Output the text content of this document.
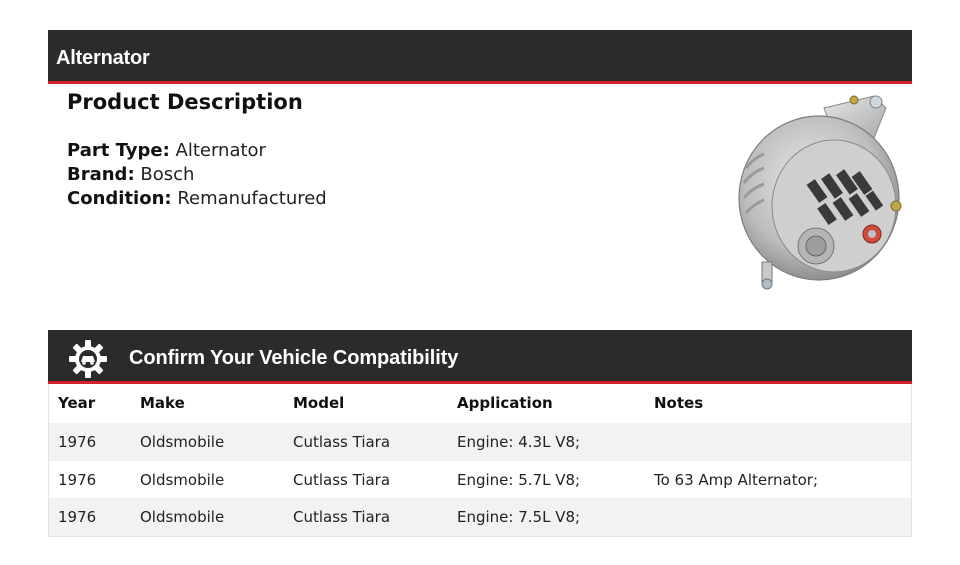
Alternator
Product Description
Part Type: Alternator
Brand: Bosch
Condition: Remanufactured
Confirm Your Vehicle Compatibility
Year	Make	Model	Application	Notes
1976	Oldsmobile	Cutlass Tiara	Engine: 4.3L V8;
1976	Oldsmobile	Cutlass Tiara	Engine: 5.7L V8;	To 63 Amp Alternator;
1976	Oldsmobile	Cutlass Tiara	Engine: 7.5L V8;
